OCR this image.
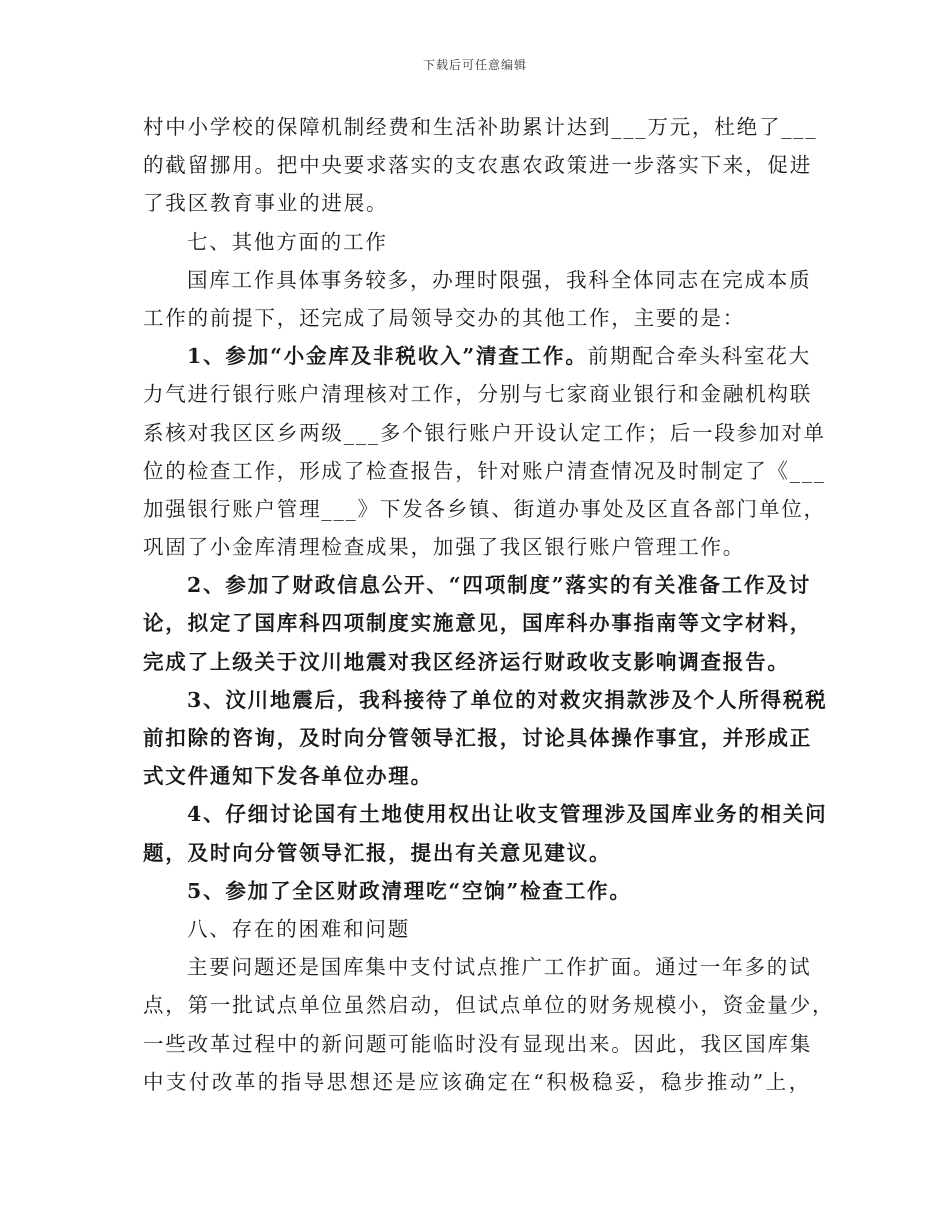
下载后可任意编辑
村中小学校的保障机制经费和生活补助累计达到___万元，杜绝了___
的截留挪用。把中央要求落实的支农惠农政策进一步落实下来，促进
了我区教育事业的进展。
七、其他方面的工作
国库工作具体事务较多，办理时限强，我科全体同志在完成本质
工作的前提下，还完成了局领导交办的其他工作，主要的是：
1、参加“小金库及非税收入”清查工作。前期配合牵头科室花大
力气进行银行账户清理核对工作，分别与七家商业银行和金融机构联
系核对我区区乡两级___多个银行账户开设认定工作；后一段参加对单
位的检查工作，形成了检查报告，针对账户清查情况及时制定了《___
加强银行账户管理___》下发各乡镇、街道办事处及区直各部门单位，
巩固了小金库清理检查成果，加强了我区银行账户管理工作。
2、参加了财政信息公开、“四项制度”落实的有关准备工作及讨
论，拟定了国库科四项制度实施意见，国库科办事指南等文字材料，
完成了上级关于汶川地震对我区经济运行财政收支影响调查报告。
3、汶川地震后，我科接待了单位的对救灾捐款涉及个人所得税税
前扣除的咨询，及时向分管领导汇报，讨论具体操作事宜，并形成正
式文件通知下发各单位办理。
4、仔细讨论国有土地使用权出让收支管理涉及国库业务的相关问
题，及时向分管领导汇报，提出有关意见建议。
5、参加了全区财政清理吃“空饷”检查工作。
八、存在的困难和问题
主要问题还是国库集中支付试点推广工作扩面。通过一年多的试
点，第一批试点单位虽然启动，但试点单位的财务规模小，资金量少，
一些改革过程中的新问题可能临时没有显现出来。因此，我区国库集
中支付改革的指导思想还是应该确定在“积极稳妥，稳步推动”上，
